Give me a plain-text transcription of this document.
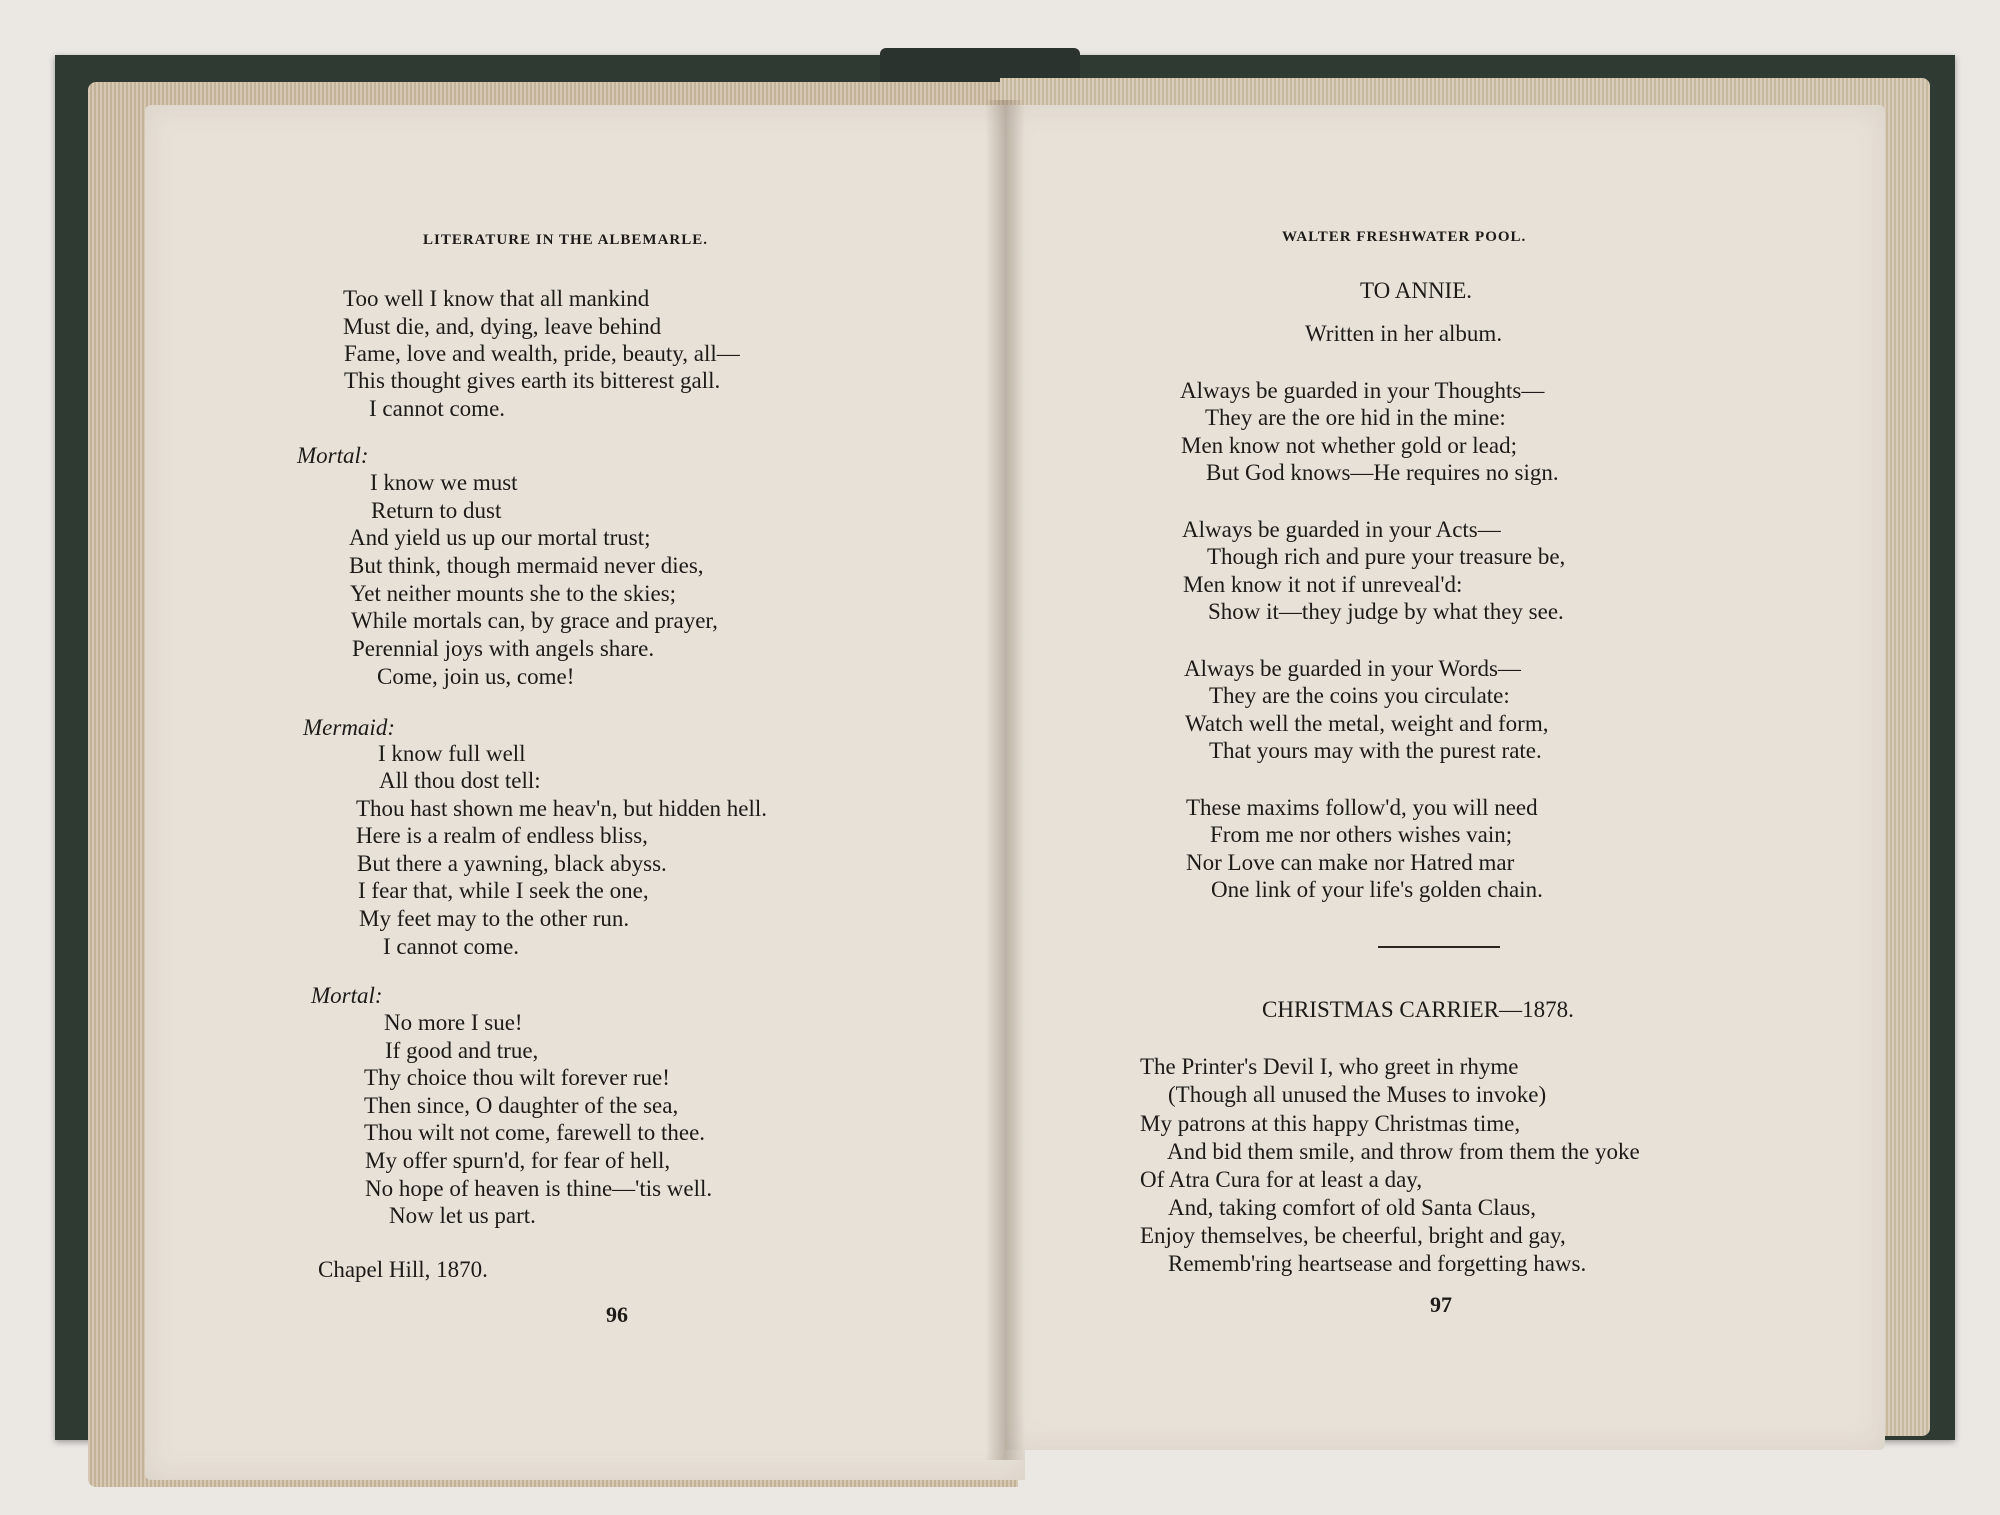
LITERATURE IN THE ALBEMARLE.
Too well I know that all mankind
Must die, and, dying, leave behind
Fame, love and wealth, pride, beauty, all—
This thought gives earth its bitterest gall.
I cannot come.
Mortal:
I know we must
Return to dust
And yield us up our mortal trust;
But think, though mermaid never dies,
Yet neither mounts she to the skies;
While mortals can, by grace and prayer,
Perennial joys with angels share.
Come, join us, come!
Mermaid:
I know full well
All thou dost tell:
Thou hast shown me heav'n, but hidden hell.
Here is a realm of endless bliss,
But there a yawning, black abyss.
I fear that, while I seek the one,
My feet may to the other run.
I cannot come.
Mortal:
No more I sue!
If good and true,
Thy choice thou wilt forever rue!
Then since, O daughter of the sea,
Thou wilt not come, farewell to thee.
My offer spurn'd, for fear of hell,
No hope of heaven is thine—'tis well.
Now let us part.
Chapel Hill, 1870.
96
WALTER FRESHWATER POOL.
TO ANNIE.
Written in her album.
Always be guarded in your Thoughts—
They are the ore hid in the mine:
Men know not whether gold or lead;
But God knows—He requires no sign.
Always be guarded in your Acts—
Though rich and pure your treasure be,
Men know it not if unreveal'd:
Show it—they judge by what they see.
Always be guarded in your Words—
They are the coins you circulate:
Watch well the metal, weight and form,
That yours may with the purest rate.
These maxims follow'd, you will need
From me nor others wishes vain;
Nor Love can make nor Hatred mar
One link of your life's golden chain.
CHRISTMAS CARRIER—1878.
The Printer's Devil I, who greet in rhyme
(Though all unused the Muses to invoke)
My patrons at this happy Christmas time,
And bid them smile, and throw from them the yoke
Of Atra Cura for at least a day,
And, taking comfort of old Santa Claus,
Enjoy themselves, be cheerful, bright and gay,
Rememb'ring heartsease and forgetting haws.
97
